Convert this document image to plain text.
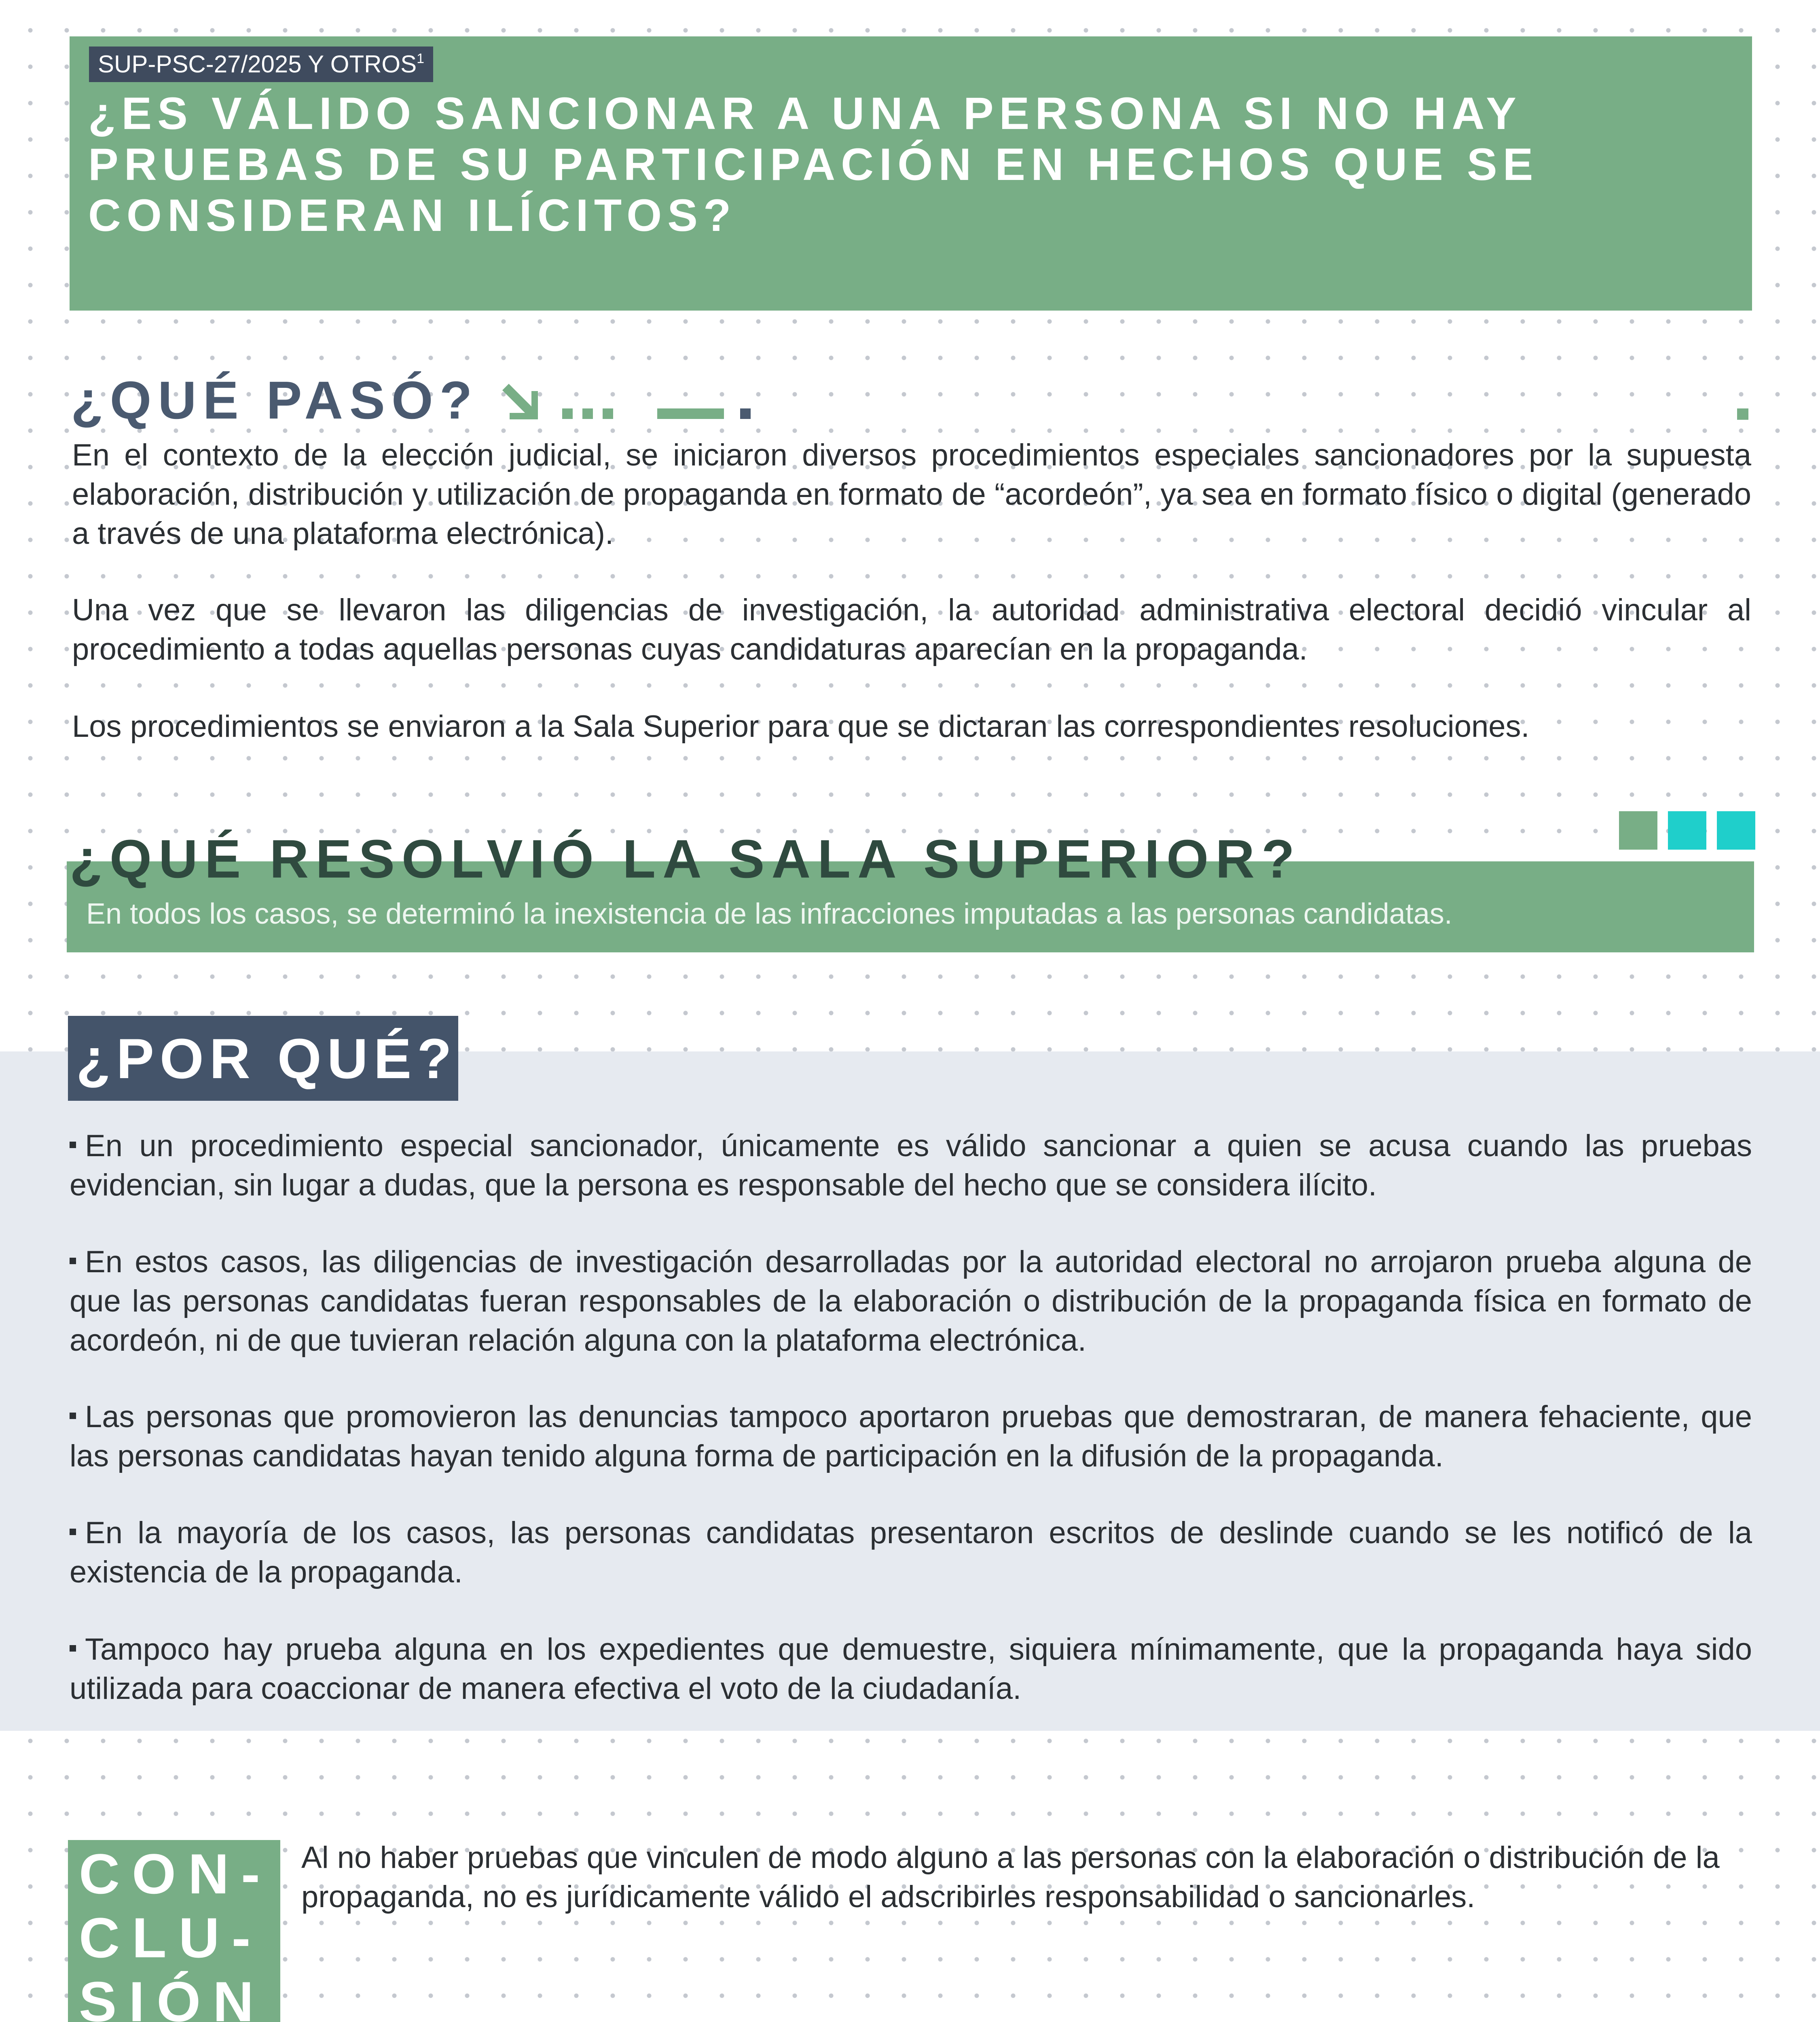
SUP-PSC-27/2025 Y OTROS$^1$
¿ES VÁLIDO SANCIONAR A UNA PERSONA SI NO HAY PRUEBAS DE SU PARTICIPACIÓN EN HECHOS QUE SE CONSIDERAN ILÍCITOS?
¿QUÉ PASÓ?

En el contexto de la elección judicial, se iniciaron diversos procedimientos especiales sancionadores por la supuesta elaboración, distribución y utilización de propaganda en formato de “acordeón”, ya sea en formato físico o digital (generado a través de una plataforma electrónica).

Una vez que se llevaron las diligencias de investigación, la autoridad administrativa electoral decidió vincular al procedimiento a todas aquellas personas cuyas candidaturas aparecían en la propaganda.

Los procedimientos se enviaron a la Sala Superior para que se dictaran las correspondientes resoluciones.

¿QUÉ RESOLVIÓ LA SALA SUPERIOR?

En todos los casos, se determinó la inexistencia de las infracciones imputadas a las personas candidatas.

¿POR QUÉ?

En un procedimiento especial sancionador, únicamente es válido sancionar a quien se acusa cuando las pruebas evidencian, sin lugar a dudas, que la persona es responsable del hecho que se considera ilícito.

En estos casos, las diligencias de investigación desarrolladas por la autoridad electoral no arrojaron prueba alguna de que las personas candidatas fueran responsables de la elaboración o distribución de la propaganda física en formato de acordeón, ni de que tuvieran relación alguna con la plataforma electrónica.

Las personas que promovieron las denuncias tampoco aportaron pruebas que demostraran, de manera fehaciente, que las personas candidatas hayan tenido alguna forma de participación en la difusión de la propaganda.

En la mayoría de los casos, las personas candidatas presentaron escritos de deslinde cuando se les notificó de la existencia de la propaganda.

Tampoco hay prueba alguna en los expedientes que demuestre, siquiera mínimamente, que la propaganda haya sido utilizada para coaccionar de manera efectiva el voto de la ciudadanía.

CON-
CLU-
SIÓN

Al no haber pruebas que vinculen de modo alguno a las personas con la elaboración o distribución de la propaganda, no es jurídicamente válido el adscribirles responsabilidad o sancionarles.
